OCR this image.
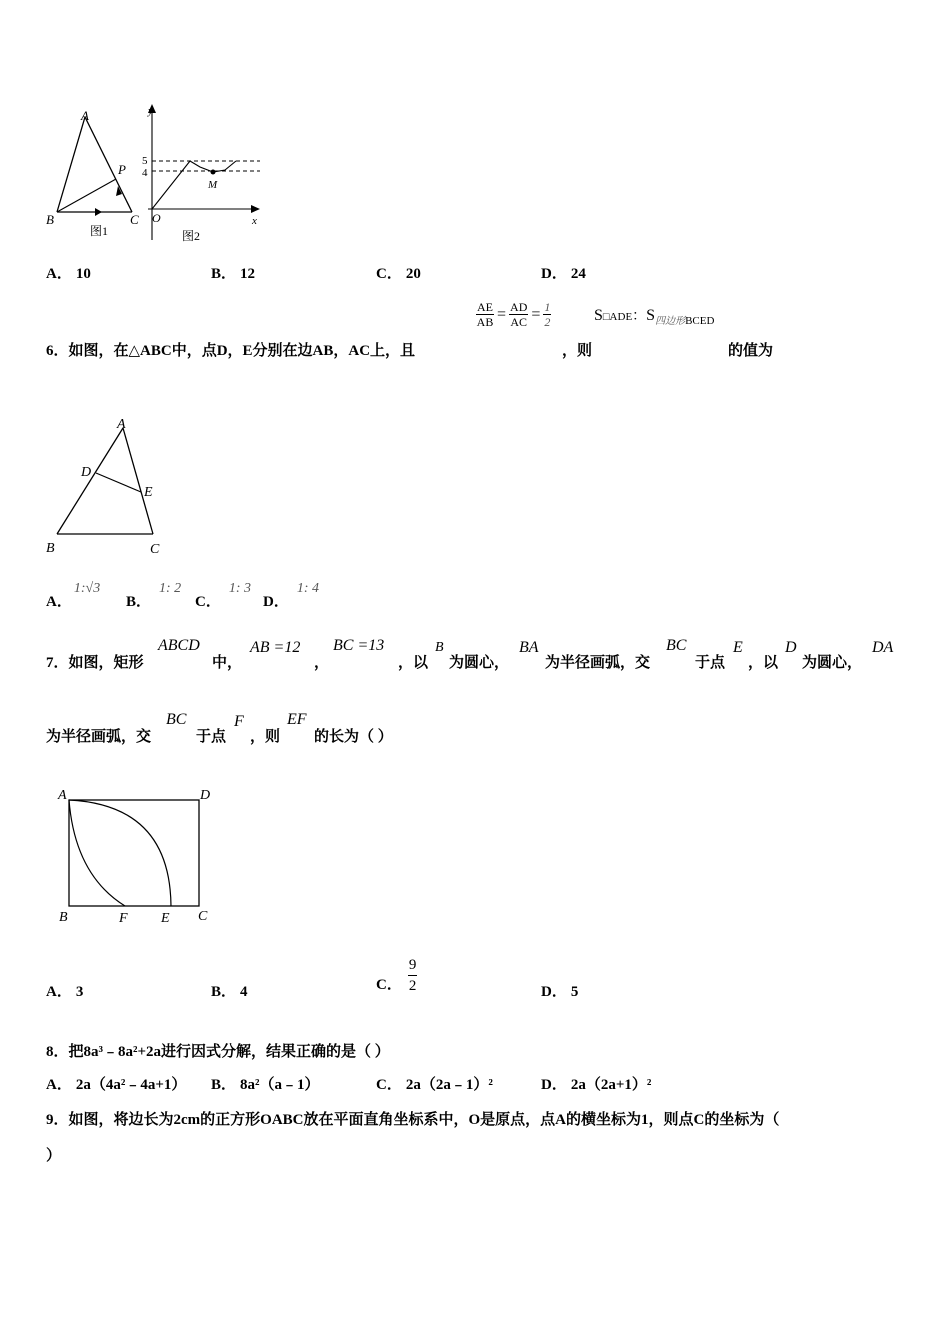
A
B	C
P
图1
y
x
O
5
4
M
图2
A． 10	B． 12	C． 20	D． 24
$\frac{AE}{AB} = \frac{AD}{AC} = \frac{1}{2}$	S□ADE：$S_{四边形BCED}$
6．如图，在△ABC中，点D，E分别在边AB，AC上，且	，则	的值为
A
D
E
B	C
A．1:√3
B．1: 2
C．1: 3
D．1: 4
7．如图，矩形
ABCD
中，
AB =12
，
BC =13
，以
B
为圆心，
BA
为半径画弧，交
BC
于点
E
，以
D
为圆心，
DA
为半径画弧，交
BC
于点
F
，则
EF
的长为（ ）
A	D
B	F E C
A． 3	B． 4	C． $\frac{9}{2}$	D． 5
8．把8a³﹣8a²+2a进行因式分解，结果正确的是（ ）
A． 2a（4a²﹣4a+1） B． 8a²（a﹣1）	C． 2a（2a﹣1）²	D． 2a（2a+1）²
9．如图，将边长为2cm的正方形OABC放在平面直角坐标系中，O是原点，点A的横坐标为1，则点C的坐标为（
）
